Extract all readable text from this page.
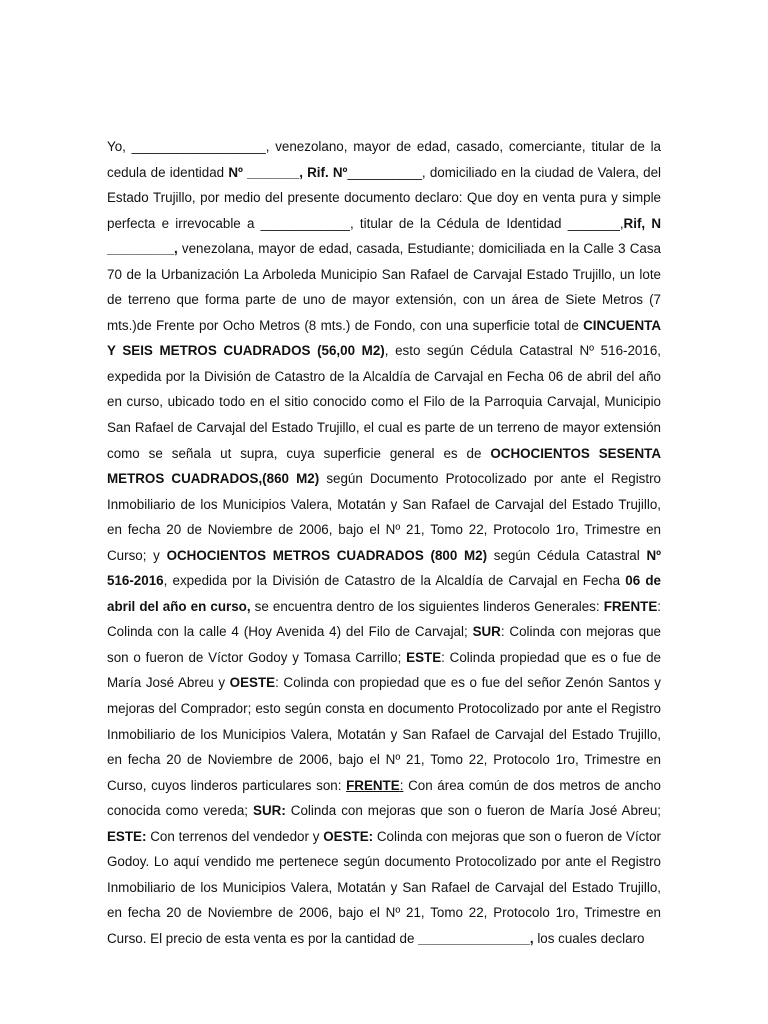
Yo, __________________, venezolano, mayor de edad, casado, comerciante, titular de la cedula de identidad Nº _______, Rif. Nº__________, domiciliado en la ciudad de Valera, del Estado Trujillo, por medio del presente documento declaro: Que doy en venta pura y simple perfecta e irrevocable a ____________, titular de la Cédula de Identidad _______,Rif, N _________, venezolana, mayor de edad, casada, Estudiante; domiciliada en la Calle 3 Casa 70 de la Urbanización La Arboleda Municipio San Rafael de Carvajal Estado Trujillo, un lote de terreno que forma parte de uno de mayor extensión, con un área de Siete Metros (7 mts.)de Frente por Ocho Metros (8 mts.) de Fondo, con una superficie total de CINCUENTA Y SEIS METROS CUADRADOS (56,00 M2), esto según Cédula Catastral Nº 516-2016, expedida por la División de Catastro de la Alcaldía de Carvajal en Fecha 06 de abril del año en curso, ubicado todo en el sitio conocido como el Filo de la Parroquia Carvajal, Municipio San Rafael de Carvajal del Estado Trujillo, el cual es parte de un terreno de mayor extensión como se señala ut supra, cuya superficie general es de OCHOCIENTOS SESENTA METROS CUADRADOS,(860 M2) según Documento Protocolizado por ante el Registro Inmobiliario de los Municipios Valera, Motatán y San Rafael de Carvajal del Estado Trujillo, en fecha 20 de Noviembre de 2006, bajo el Nº 21, Tomo 22, Protocolo 1ro, Trimestre en Curso; y OCHOCIENTOS METROS CUADRADOS (800 M2) según Cédula Catastral Nº 516-2016, expedida por la División de Catastro de la Alcaldía de Carvajal en Fecha 06 de abril del año en curso, se encuentra dentro de los siguientes linderos Generales: FRENTE: Colinda con la calle 4 (Hoy Avenida 4) del Filo de Carvajal; SUR: Colinda con mejoras que son o fueron de Víctor Godoy y Tomasa Carrillo; ESTE: Colinda propiedad que es o fue de María José Abreu y OESTE: Colinda con propiedad que es o fue del señor Zenón Santos y mejoras del Comprador; esto según consta en documento Protocolizado por ante el Registro Inmobiliario de los Municipios Valera, Motatán y San Rafael de Carvajal del Estado Trujillo, en fecha 20 de Noviembre de 2006, bajo el Nº 21, Tomo 22, Protocolo 1ro, Trimestre en Curso, cuyos linderos particulares son: FRENTE: Con área común de dos metros de ancho conocida como vereda; SUR: Colinda con mejoras que son o fueron de María José Abreu; ESTE: Con terrenos del vendedor y OESTE: Colinda con mejoras que son o fueron de Víctor Godoy. Lo aquí vendido me pertenece según documento Protocolizado por ante el Registro Inmobiliario de los Municipios Valera, Motatán y San Rafael de Carvajal del Estado Trujillo, en fecha 20 de Noviembre de 2006, bajo el Nº 21, Tomo 22, Protocolo 1ro, Trimestre en Curso. El precio de esta venta es por la cantidad de _______________, los cuales declaro
